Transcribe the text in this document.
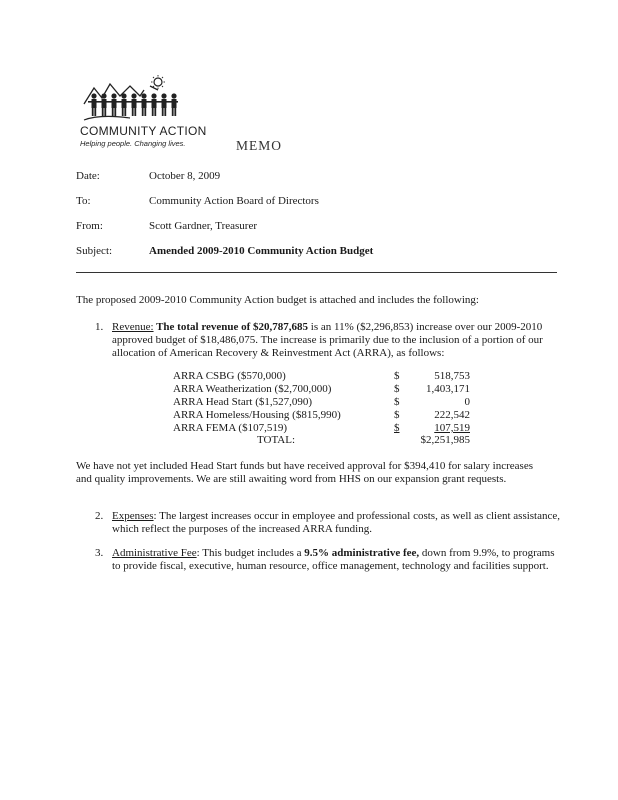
COMMUNITY ACTION
Helping people. Changing lives.	MEMO
Date:	October 8, 2009
To:	Community Action Board of Directors
From:	Scott Gardner, Treasurer
Subject:	Amended 2009-2010 Community Action Budget
The proposed 2009-2010 Community Action budget is attached and includes the following:
1. Revenue: The total revenue of $20,787,685 is an 11% ($2,296,853) increase over our 2009-2010
approved budget of $18,486,075. The increase is primarily due to the inclusion of a portion of our
allocation of American Recovery & Reinvestment Act (ARRA), as follows:
ARRA CSBG ($570,000)	$	518,753
ARRA Weatherization ($2,700,000)	$	1,403,171
ARRA Head Start ($1,527,090)	$	0
ARRA Homeless/Housing ($815,990)	$	222,542
ARRA FEMA ($107,519)	$	107,519
TOTAL:	$2,251,985
We have not yet included Head Start funds but have received approval for $394,410 for salary increases
and quality improvements. We are still awaiting word from HHS on our expansion grant requests.
2. Expenses: The largest increases occur in employee and professional costs, as well as client assistance,
which reflect the purposes of the increased ARRA funding.
3. Administrative Fee: This budget includes a 9.5% administrative fee, down from 9.9%, to programs
to provide fiscal, executive, human resource, office management, technology and facilities support.
